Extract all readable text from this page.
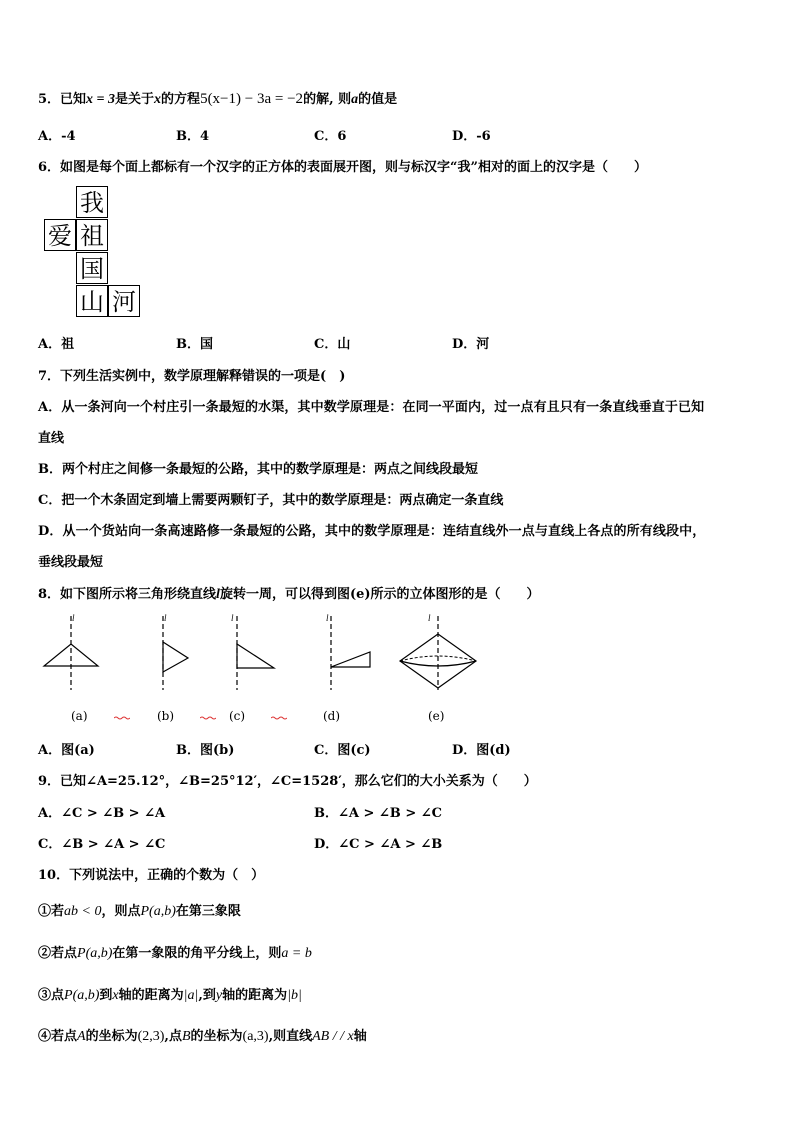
5．已知x = 3是关于x的方程5(x−1) − 3a = −2的解, 则a的值是
A．-4	B．4	C．6	D．-6
6．如图是每个面上都标有一个汉字的正方体的表面展开图，则与标汉字“我”相对的面上的汉字是（　　）
我
爱 祖
国
山 河
A．祖	B．国	C．山	D．河
7．下列生活实例中，数学原理解释错误的一项是(　)
A．从一条河向一个村庄引一条最短的水渠，其中数学原理是：在同一平面内，过一点有且只有一条直线垂直于已知
直线
B．两个村庄之间修一条最短的公路，其中的数学原理是：两点之间线段最短
C．把一个木条固定到墙上需要两颗钉子，其中的数学原理是：两点确定一条直线
D．从一个货站向一条高速路修一条最短的公路，其中的数学原理是：连结直线外一点与直线上各点的所有线段中，
垂线段最短
8．如下图所示将三角形绕直线l旋转一周，可以得到图(e)所示的立体图形的是（　　）
l	l	l	l	l
(a)	(b)	(c)	(d)	(e)
A．图(a)	B．图(b)	C．图(c)	D．图(d)
9．已知∠A=25.12°，∠B=25°12′，∠C=1528′，那么它们的大小关系为（　　）
A．∠C > ∠B > ∠A	B．∠A > ∠B > ∠C
C．∠B > ∠A > ∠C	D．∠C > ∠A > ∠B
10．下列说法中，正确的个数为（　）
①若ab < 0，则点P(a,b)在第三象限
②若点P(a,b)在第一象限的角平分线上，则a = b
③点P(a,b)到x轴的距离为|a|,到y轴的距离为|b|
④若点A的坐标为(2,3),点B的坐标为(a,3),则直线AB / / x轴
